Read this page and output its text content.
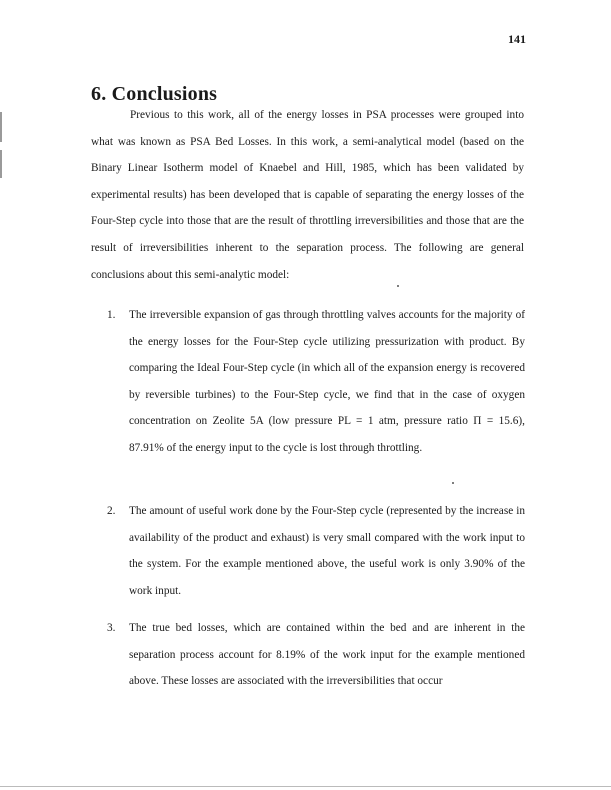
141
6. Conclusions

Previous to this work, all of the energy losses in PSA processes were grouped into what was known as PSA Bed Losses. In this work, a semi-analytical model (based on the Binary Linear Isotherm model of Knaebel and Hill, 1985, which has been validated by experimental results) has been developed that is capable of separating the energy losses of the Four-Step cycle into those that are the result of throttling irreversibilities and those that are the result of irreversibilities inherent to the separation process. The following are general conclusions about this semi-analytic model:

1. The irreversible expansion of gas through throttling valves accounts for the majority of the energy losses for the Four-Step cycle utilizing pressurization with product. By comparing the Ideal Four-Step cycle (in which all of the expansion energy is recovered by reversible turbines) to the Four-Step cycle, we find that in the case of oxygen concentration on Zeolite 5A (low pressure PL = 1 atm, pressure ratio Π = 15.6), 87.91% of the energy input to the cycle is lost through throttling.
2. The amount of useful work done by the Four-Step cycle (represented by the increase in availability of the product and exhaust) is very small compared with the work input to the system. For the example mentioned above, the useful work is only 3.90% of the work input.
3. The true bed losses, which are contained within the bed and are inherent in the separation process account for 8.19% of the work input for the example mentioned above. These losses are associated with the irreversibilities that occur
